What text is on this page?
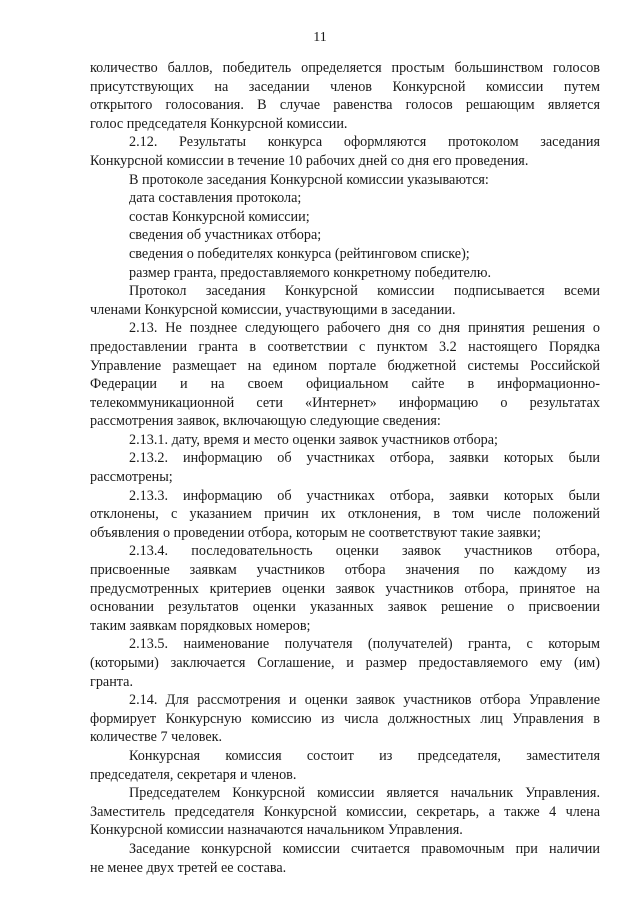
11

количество баллов, победитель определяется простым большинством голосов

присутствующих на заседании членов Конкурсной комиссии путем

открытого голосования. В случае равенства голосов решающим является

голос председателя Конкурсной комиссии.

2.12. Результаты конкурса оформляются протоколом заседания

Конкурсной комиссии в течение 10 рабочих дней со дня его проведения.

В протоколе заседания Конкурсной комиссии указываются:

дата составления протокола;

состав Конкурсной комиссии;

сведения об участниках отбора;

сведения о победителях конкурса (рейтинговом списке);

размер гранта, предоставляемого конкретному победителю.

Протокол заседания Конкурсной комиссии подписывается всеми

членами Конкурсной комиссии, участвующими в заседании.

2.13. Не позднее следующего рабочего дня со дня принятия решения о

предоставлении гранта в соответствии с пунктом 3.2 настоящего Порядка

Управление размещает на едином портале бюджетной системы Российской

Федерации и на своем официальном сайте в информационно-

телекоммуникационной сети «Интернет» информацию о результатах

рассмотрения заявок, включающую следующие сведения:

2.13.1. дату, время и место оценки заявок участников отбора;

2.13.2. информацию об участниках отбора, заявки которых были

рассмотрены;

2.13.3. информацию об участниках отбора, заявки которых были

отклонены, с указанием причин их отклонения, в том числе положений

объявления о проведении отбора, которым не соответствуют такие заявки;

2.13.4. последовательность оценки заявок участников отбора,

присвоенные заявкам участников отбора значения по каждому из

предусмотренных критериев оценки заявок участников отбора, принятое на

основании результатов оценки указанных заявок решение о присвоении

таким заявкам порядковых номеров;

2.13.5. наименование получателя (получателей) гранта, с которым

(которыми) заключается Соглашение, и размер предоставляемого ему (им)

гранта.

2.14. Для рассмотрения и оценки заявок участников отбора Управление

формирует Конкурсную комиссию из числа должностных лиц Управления в

количестве 7 человек.

Конкурсная комиссия состоит из председателя, заместителя

председателя, секретаря и членов.

Председателем Конкурсной комиссии является начальник Управления.

Заместитель председателя Конкурсной комиссии, секретарь, а также 4 члена

Конкурсной комиссии назначаются начальником Управления.

Заседание конкурсной комиссии считается правомочным при наличии

не менее двух третей ее состава.
